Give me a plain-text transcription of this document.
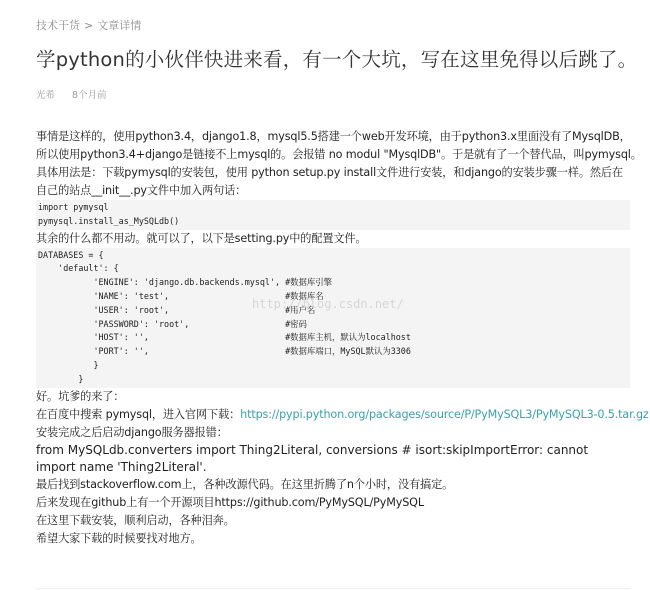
技术干货 > 文章详情
学python的小伙伴快进来看，有一个大坑，写在这里免得以后跳了。
光希 8个月前

事情是这样的，使用python3.4，django1.8，mysql5.5搭建一个web开发环境，由于python3.x里面没有了MysqlDB，

所以使用python3.4+django是链接不上mysql的。会报错 no modul "MysqlDB"。于是就有了一个替代品，叫pymysql。

具体用法是：下载pymysql的安装包，使用 python setup.py install文件进行安装，和django的安装步骤一样。然后在

自己的站点__init__.py文件中加入两句话：

import pymysql
pymysql.install_as_MySQLdb()

其余的什么都不用动。就可以了，以下是setting.py中的配置文件。

DATABASES = {
'default': {
'ENGINE': 'django.db.backends.mysql', #数据库引擎
'NAME': 'test',                       #数据库名
'USER': 'root',                       #用户名
'PASSWORD': 'root',                   #密码
'HOST': '',                           #数据库主机，默认为localhost
'PORT': '',                           #数据库端口，MySQL默认为3306
}
}

好。坑爹的来了：

在百度中搜索 pymysql，进入官网下载：https://pypi.python.org/packages/source/P/PyMySQL3/PyMySQL3-0.5.tar.gz

安装完成之后启动django服务器报错：

from MySQLdb.converters import Thing2Literal, conversions # isort:skipImportError: cannot import name 'Thing2Literal'.

最后找到stackoverflow.com上，各种改源代码。在这里折腾了n个小时，没有搞定。

后来发现在github上有一个开源项目https://github.com/PyMySQL/PyMySQL

在这里下载安装，顺利启动，各种泪奔。

希望大家下载的时候要找对地方。

http://blog.csdn.net/
